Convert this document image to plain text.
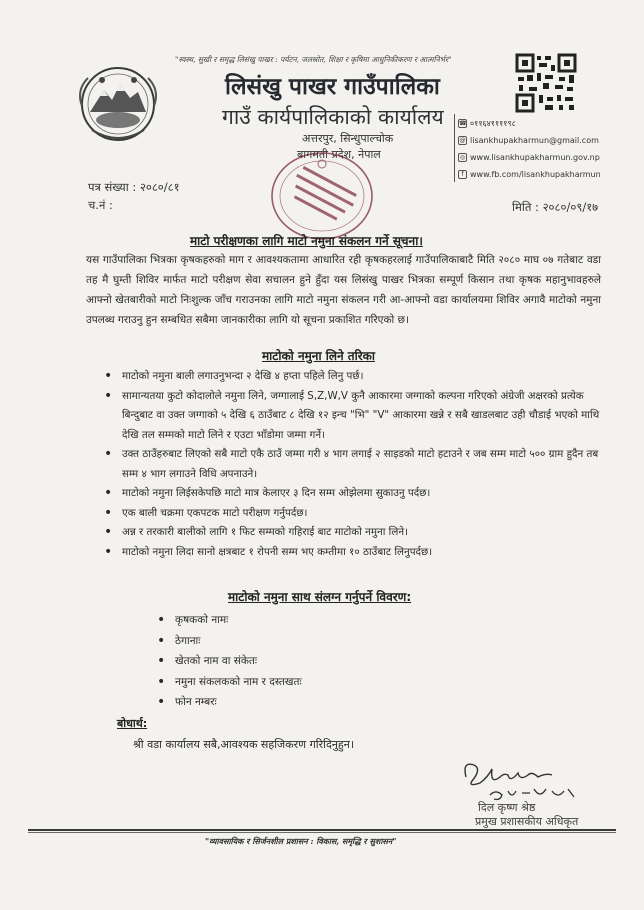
"स्वस्थ, सुखी र समृद्ध लिसंखु पाखर : पर्यटन, जलस्रोत, शिक्षा र कृषिमा आधुनिकीकरण र आत्मनिर्भर"
लिसंखु पाखर गाउँपालिका
गाउँ कार्यपालिकाको कार्यालय
अत्तरपुर, सिन्धुपाल्चोक
बागमती प्रदेश, नेपाल
☎ ०११६४११११९८
@ lisankhupakharmun@gmail.com
◎ www.lisankhupakharmun.gov.np
f www.fb.com/lisankhupakharmun
पत्र संख्या : २०८०/८१
च.नं :	मिति : २०८०/०९/१७
माटो परीक्षणका लागि माटो नमुना संकलन गर्ने सूचना।
यस गाउँपालिका भित्रका कृषकहरुको माग र आवश्यकतामा आधारित रही कृषकहरलाई गाउँपालिकाबाटै मिति २०८० माघ ०७ गतेबाट वडा तह मै घुम्ती शिविर मार्फत माटो परीक्षण सेवा सचालन हुने हुँदा यस लिसंखु पाखर भित्रका सम्पूर्ण किसान तथा कृषक महानुभावहरुले आफ्नो खेतबारीको माटो निःशुल्क जाँच गराउनका लागि माटो नमुना संकलन गरी आ-आफ्नो वडा कार्यालयमा शिविर अगावै माटोको नमुना उपलब्ध गराउनु हुन सम्बधित सबैमा जानकारीका लागि यो सूचना प्रकाशित गरिएको छ।
माटोको नमुना लिने तरिका
• माटोको नमुना बाली लगाउनुभन्दा २ देखि ४ हप्ता पहिले लिनु पर्छ।
• सामान्यतया कुटो कोदालोले नमुना लिने, जग्गालाई S,Z,W,V कुनै आकारमा जग्गाको कल्पना गरिएको अंग्रेजी अक्षरको प्रत्येक बिन्दुबाट वा उक्त जग्गाको ५ देखि ६ ठाउँबाट ८ देखि १२ इन्च "भि" "V" आकारमा खन्ने र सबै खाडलबाट उही चौडाई भएको माथि देखि तल सम्मको माटो लिने र एउटा भाँडोमा जम्मा गर्ने।
• उक्त ठाउँहरुबाट लिएको सबै माटो एकै ठाउँ जम्मा गरी ४ भाग लगाई २ साइडको माटो हटाउने र जब सम्म माटो ५०० ग्राम हुदैन तब सम्म ४ भाग लगाउने विधि अपनाउने।
• माटोको नमुना लिईसकेपछि माटो मात्र केलाएर ३ दिन सम्म ओझेलमा सुकाउनु पर्दछ।
• एक बाली चक्रमा एकपटक माटो परीक्षण गर्नुपर्दछ।
• अन्न र तरकारी बालीको लागि १ फिट सम्मको गहिराई बाट माटोको नमुना लिने।
• माटोको नमुना लिदा सानो क्षत्रबाट १ रोपनी सम्म भए कम्तीमा १० ठाउँबाट लिनुपर्दछ।
माटोको नमुना साथ संलग्न गर्नुपर्ने विवरण:
• कृषकको नामः
• ठेगानाः
• खेतको नाम वा संकेतः
• नमुना संकलकको नाम र दस्तखतः
• फोन नम्बरः
बोधार्थ:
श्री वडा कार्यालय सबै,आवश्यक सहजिकरण गरिदिनुहुन।
दिल कृष्ण श्रेष्ठ
प्रमुख प्रशासकीय अधिकृत
"व्यावसायिक र सिर्जनशील प्रशासन : विकास, समृद्धि र सुशासन"
